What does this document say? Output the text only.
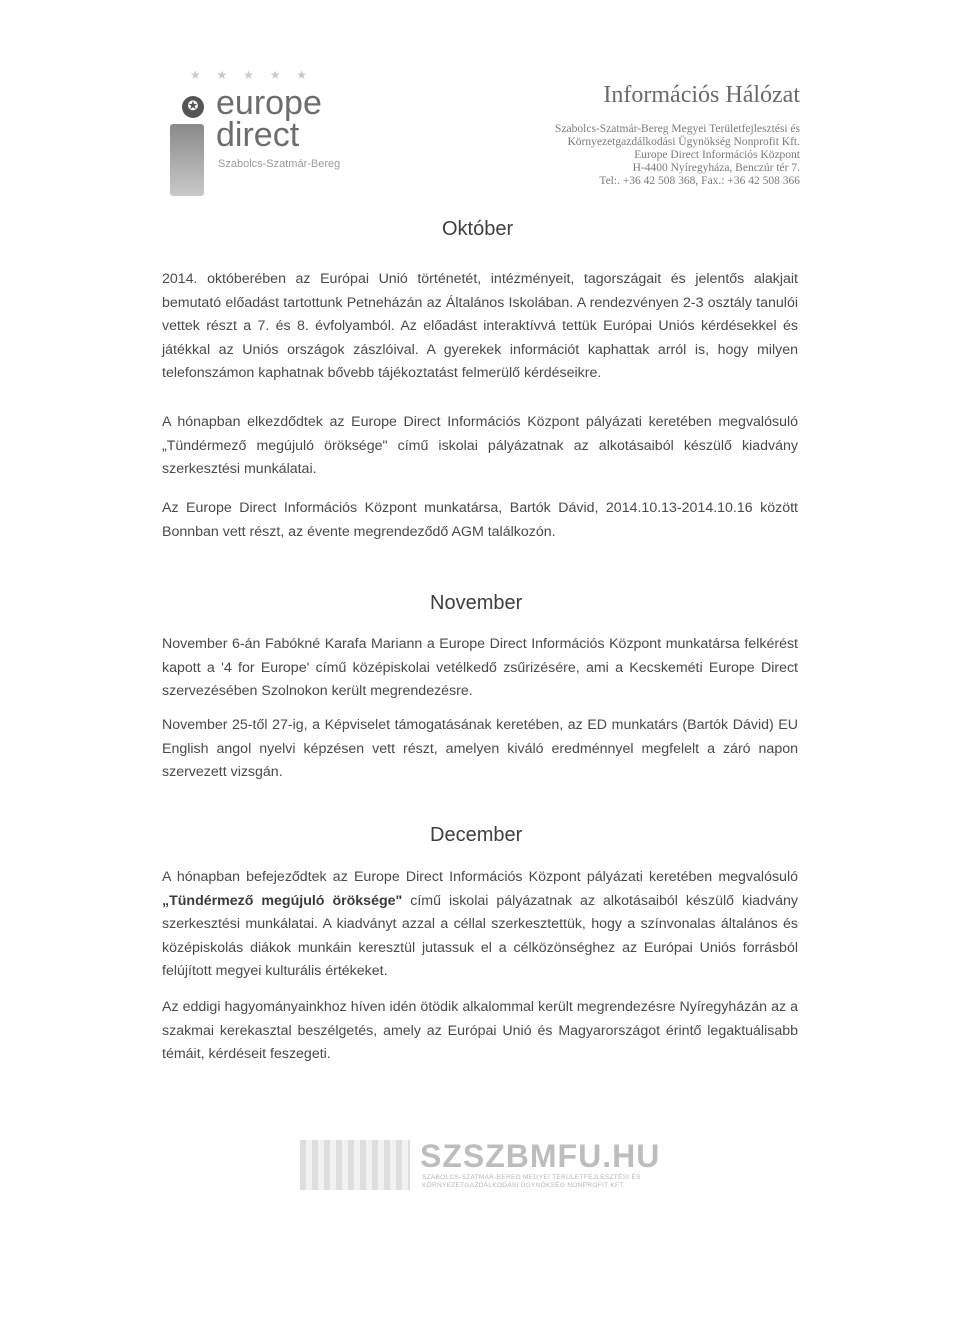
★ ★ ★ ★ ★
✪ europe
direct
Szabolcs-Szatmár-Bereg
Információs Hálózat
Szabolcs-Szatmár-Bereg Megyei Területfejlesztési és
Környezetgazdálkodási Ügynökség Nonprofit Kft.
Europe Direct Információs Központ
H-4400 Nyíregyháza, Benczúr tér 7.
Tel:. +36 42 508 368, Fax.: +36 42 508 366
Október

2014. októberében az Európai Unió történetét, intézményeit, tagországait és jelentős alakjait bemutató előadást tartottunk Petneházán az Általános Iskolában. A rendezvényen 2-3 osztály tanulói vettek részt a 7. és 8. évfolyamból. Az előadást interaktívvá tettük Európai Uniós kérdésekkel és játékkal az Uniós országok zászlóival. A gyerekek információt kaphattak arról is, hogy milyen telefonszámon kaphatnak bővebb tájékoztatást felmerülő kérdéseikre.

A hónapban elkezdődtek az Europe Direct Információs Központ pályázati keretében megvalósuló „Tündérmező megújuló öröksége" című iskolai pályázatnak az alkotásaiból készülő kiadvány szerkesztési munkálatai.

Az Europe Direct Információs Központ munkatársa, Bartók Dávid, 2014.10.13-2014.10.16 között Bonnban vett részt, az évente megrendeződő AGM találkozón.

November

November 6-án Fabókné Karafa Mariann a Europe Direct Információs Központ munkatársa felkérést kapott a '4 for Europe' című középiskolai vetélkedő zsűrizésére, ami a Kecskeméti Europe Direct szervezésében Szolnokon került megrendezésre.

November 25-től 27-ig, a Képviselet támogatásának keretében, az ED munkatárs (Bartók Dávid) EU English angol nyelvi képzésen vett részt, amelyen kiváló eredménnyel megfelelt a záró napon szervezett vizsgán.

December

A hónapban befejeződtek az Europe Direct Információs Központ pályázati keretében megvalósuló „Tündérmező megújuló öröksége" című iskolai pályázatnak az alkotásaiból készülő kiadvány szerkesztési munkálatai. A kiadványt azzal a céllal szerkesztettük, hogy a színvonalas általános és középiskolás diákok munkáin keresztül jutassuk el a célközönséghez az Európai Uniós forrásból felújított megyei kulturális értékeket.

Az eddigi hagyományainkhoz híven idén ötödik alkalommal került megrendezésre Nyíregyházán az a szakmai kerekasztal beszélgetés, amely az Európai Unió és Magyarországot érintő legaktuálisabb témáit, kérdéseit feszegeti.

SZSZBMFU.HU
SZABOLCS-SZATMÁR-BEREG MEGYEI TERÜLETFEJLESZTÉSI ÉS
KÖRNYEZETGAZDÁLKODÁSI ÜGYNÖKSÉG NONPROFIT KFT.
